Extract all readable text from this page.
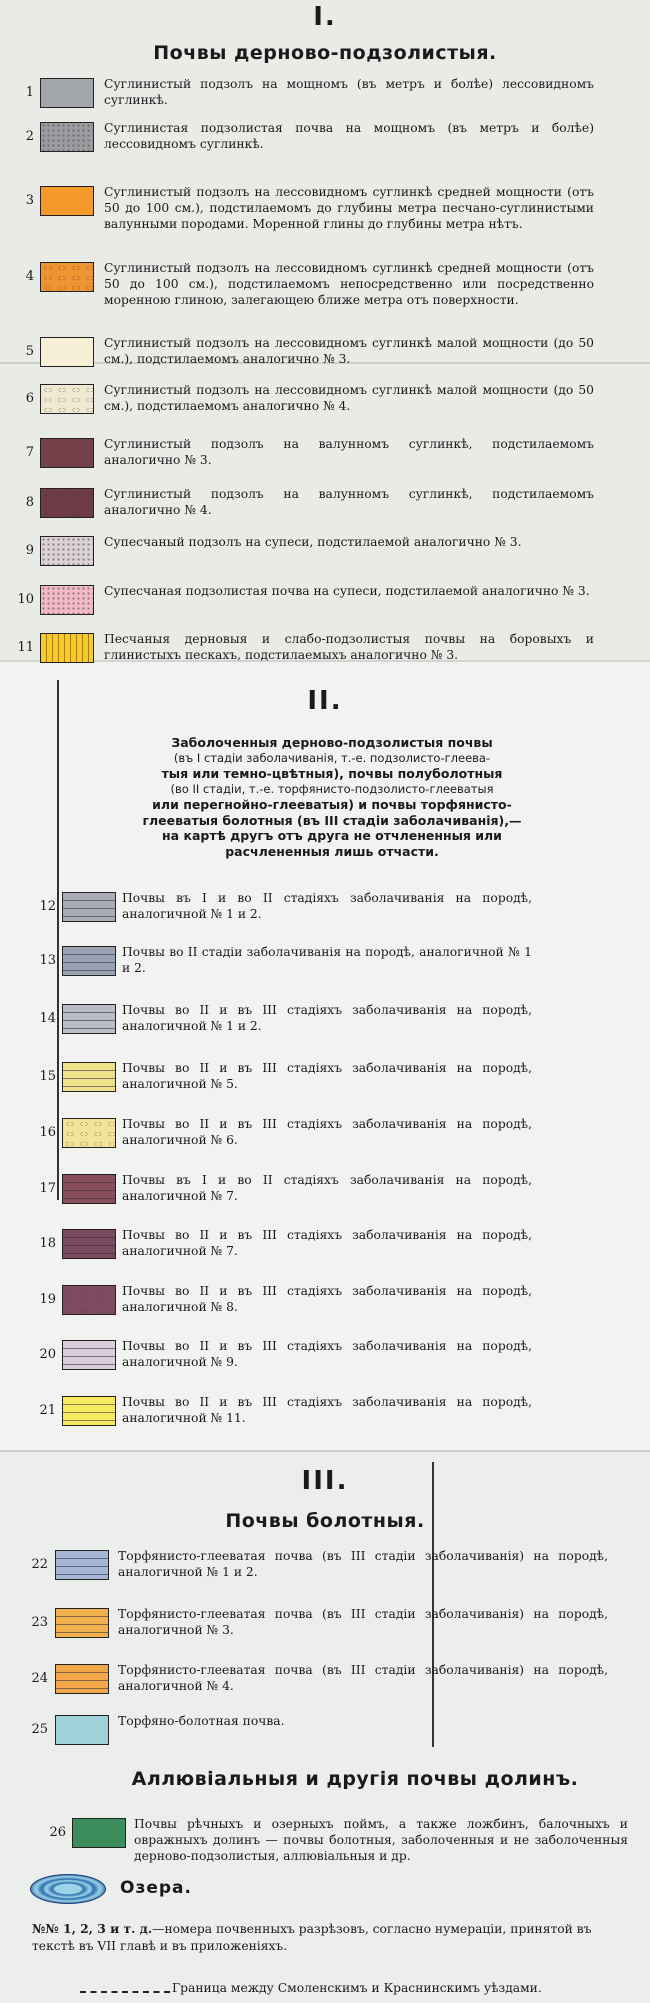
I.
Почвы дерново-подзолистыя.
1
Суглинистый подзолъ на мощномъ (въ метръ и болѣе) лессовидномъ суглинкѣ.
2
Суглинистая подзолистая почва на мощномъ (въ метръ и болѣе) лессовидномъ суглинкѣ.
3
Суглинистый подзолъ на лессовидномъ суглинкѣ средней мощности (отъ 50 до 100 см.), подстилаемомъ до глубины метра песчано-суглинистыми валунными породами. Моренной глины до глубины метра нѣтъ.
4
Суглинистый подзолъ на лессовидномъ суглинкѣ средней мощности (отъ 50 до 100 см.), подстилаемомъ непосредственно или посредственно моренною глиною, залегающею ближе метра отъ поверхности.
5
Суглинистый подзолъ на лессовидномъ суглинкѣ малой мощности (до 50 см.), подстилаемомъ аналогично № 3.
6
Суглинистый подзолъ на лессовидномъ суглинкѣ малой мощности (до 50 см.), подстилаемомъ аналогично № 4.
7
Суглинистый подзолъ на валунномъ суглинкѣ, подстилаемомъ аналогично № 3.
8
Суглинистый подзолъ на валунномъ суглинкѣ, подстилаемомъ аналогично № 4.
9
Супесчаный подзолъ на супеси, подстилаемой аналогично № 3.
10
Супесчаная подзолистая почва на супеси, подстилаемой аналогично № 3.
11
Песчаныя дерновыя и слабо-подзолистыя почвы на боровыхъ и глинистыхъ пескахъ, подстилаемыхъ аналогично № 3.
II.
Заболоченныя дерново-подзолистыя почвы
(въ I стадіи заболачиванія, т.-е. подзолисто-глеева-
тыя или темно-цвѣтныя), почвы полуболотныя
(во II стадіи, т.-е. торфянисто-подзолисто-глееватыя
или перегнойно-глееватыя) и почвы торфянисто-
глееватыя болотныя (въ III стадіи заболачиванія),—
на картѣ другъ отъ друга не отчлененныя или
расчлененныя лишь отчасти.
12
Почвы въ I и во II стадіяхъ заболачиванія на породѣ, аналогичной № 1 и 2.
13
Почвы во II стадіи заболачиванія на породѣ, аналогичной № 1 и 2.
14
Почвы во II и въ III стадіяхъ заболачиванія на породѣ, аналогичной № 1 и 2.
15
Почвы во II и въ III стадіяхъ заболачиванія на породѣ, аналогичной № 5.
16
Почвы во II и въ III стадіяхъ заболачиванія на породѣ, аналогичной № 6.
17
Почвы въ I и во II стадіяхъ заболачиванія на породѣ, аналогичной № 7.
18
Почвы во II и въ III стадіяхъ заболачиванія на породѣ, аналогичной № 7.
19
Почвы во II и въ III стадіяхъ заболачиванія на породѣ, аналогичной № 8.
20
Почвы во II и въ III стадіяхъ заболачиванія на породѣ, аналогичной № 9.
21
Почвы во II и въ III стадіяхъ заболачиванія на породѣ, аналогичной № 11.
III.
Почвы болотныя.
22
Торфянисто-глееватая почва (въ III стадіи заболачиванія) на породѣ, аналогичной № 1 и 2.
23
Торфянисто-глееватая почва (въ III стадіи заболачиванія) на породѣ, аналогичной № 3.
24
Торфянисто-глееватая почва (въ III стадіи заболачиванія) на породѣ, аналогичной № 4.
25
Торфяно-болотная почва.
Аллювіальныя и другія почвы долинъ.
26
Почвы рѣчныхъ и озерныхъ поймъ, а также ложбинъ, балочныхъ и овражныхъ долинъ — почвы болотныя, заболоченныя и не заболоченныя дерново-подзолистыя, аллювіальныя и др.
Озера.
№№ 1, 2, 3 и т. д.—номера почвенныхъ разрѣзовъ, согласно нумераціи, принятой въ текстѣ въ VII главѣ и въ приложеніяхъ.
Граница между Смоленскимъ и Краснинскимъ уѣздами.
